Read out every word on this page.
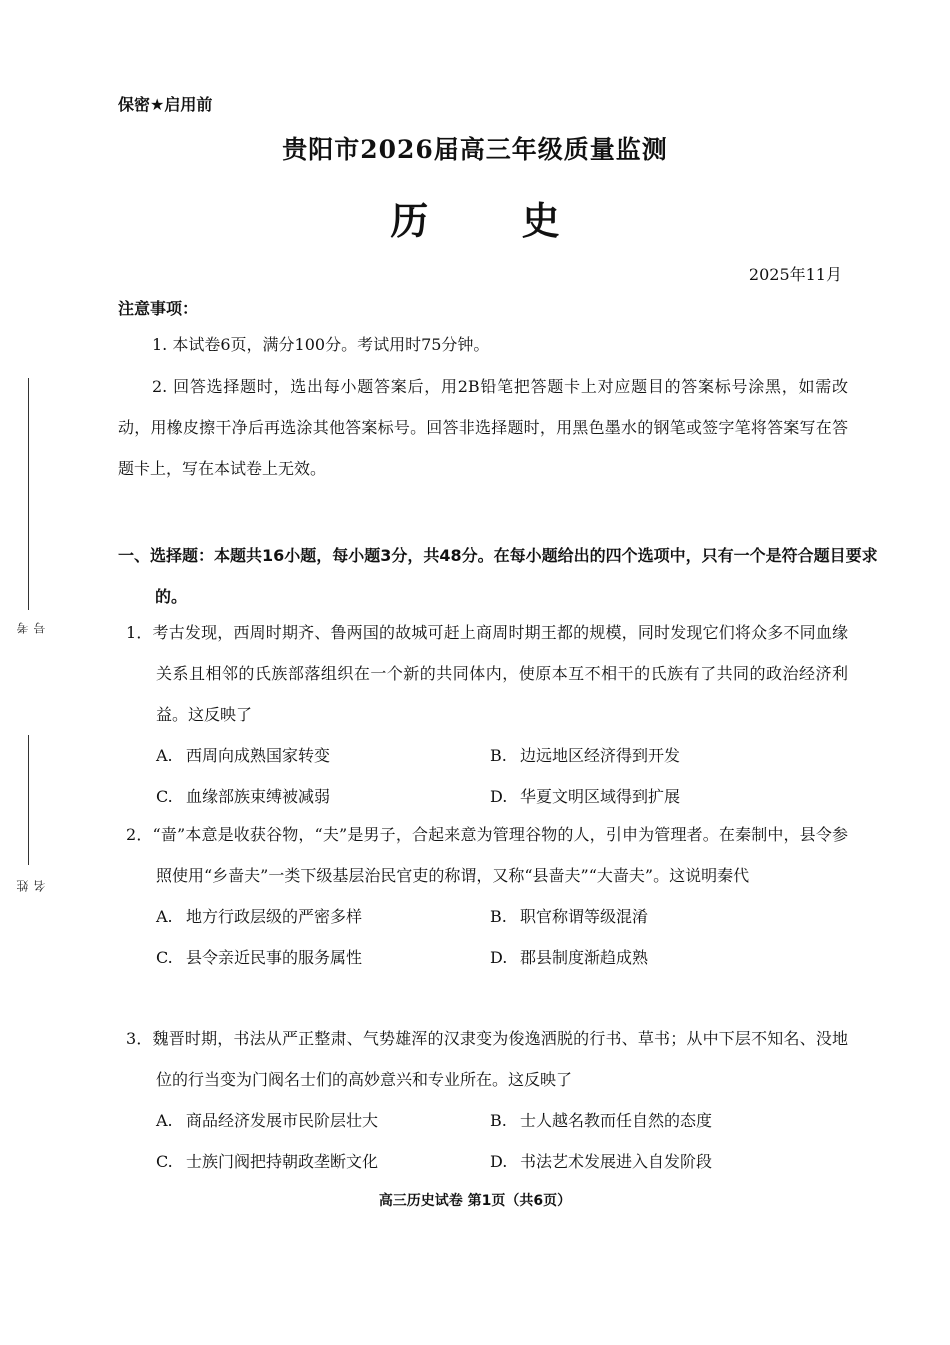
考号
姓名
保密★启用前
贵阳市2026届高三年级质量监测
历 史
2025年11月
注意事项：
1. 本试卷6页，满分100分。考试用时75分钟。
2. 回答选择题时，选出每小题答案后，用2B铅笔把答题卡上对应题目的答案标号涂黑，如需改动，用橡皮擦干净后再选涂其他答案标号。回答非选择题时，用黑色墨水的钢笔或签字笔将答案写在答题卡上，写在本试卷上无效。
一、选择题：本题共16小题，每小题3分，共48分。在每小题给出的四个选项中，只有一个是符合题目要求的。
1．考古发现，西周时期齐、鲁两国的故城可赶上商周时期王都的规模，同时发现它们将众多不同血缘关系且相邻的氏族部落组织在一个新的共同体内，使原本互不相干的氏族有了共同的政治经济利益。这反映了
A. 西周向成熟国家转变	B. 边远地区经济得到开发
C. 血缘部族束缚被减弱	D. 华夏文明区域得到扩展
2．“啬”本意是收获谷物，“夫”是男子，合起来意为管理谷物的人，引申为管理者。在秦制中，县令参照使用“乡啬夫”一类下级基层治民官吏的称谓，又称“县啬夫”“大啬夫”。这说明秦代
A. 地方行政层级的严密多样	B. 职官称谓等级混淆
C. 县令亲近民事的服务属性	D. 郡县制度渐趋成熟
3．魏晋时期，书法从严正整肃、气势雄浑的汉隶变为俊逸洒脱的行书、草书；从中下层不知名、没地位的行当变为门阀名士们的高妙意兴和专业所在。这反映了
A. 商品经济发展市民阶层壮大	B. 士人越名教而任自然的态度
C. 士族门阀把持朝政垄断文化	D. 书法艺术发展进入自发阶段
高三历史试卷 第1页（共6页）
